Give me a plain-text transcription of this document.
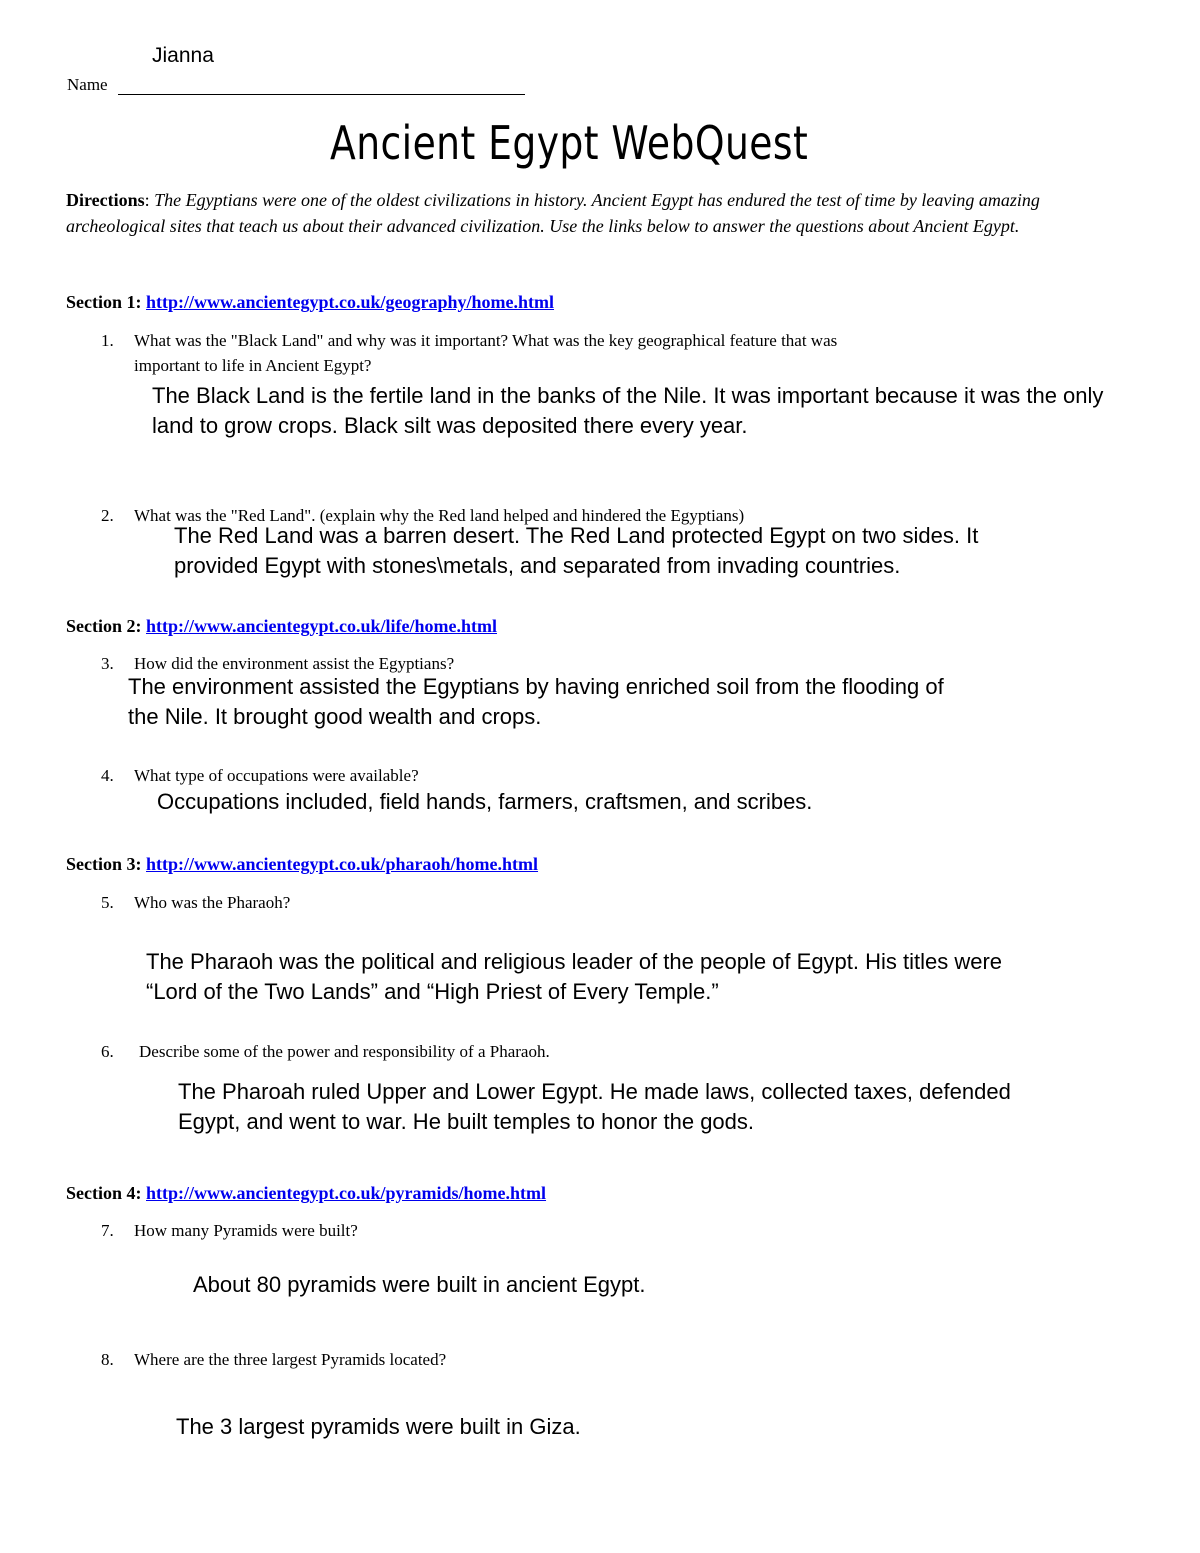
Jianna
Name
Ancient Egypt WebQuest
Directions: The Egyptians were one of the oldest civilizations in history. Ancient Egypt has endured the test of time by leaving amazing archeological sites that teach us about their advanced civilization. Use the links below to answer the questions about Ancient Egypt.
Section 1: http://www.ancientegypt.co.uk/geography/home.html
1. What was the "Black Land" and why was it important? What was the key geographical feature that was
important to life in Ancient Egypt?
The Black Land is the fertile land in the banks of the Nile. It was important because it was the only land to grow crops. Black silt was deposited there every year.
2. What was the "Red Land". (explain why the Red land helped and hindered the Egyptians)
The Red Land was a barren desert. The Red Land protected Egypt on two sides. It provided Egypt with stones\metals, and separated from invading countries.
Section 2: http://www.ancientegypt.co.uk/life/home.html
3. How did the environment assist the Egyptians?
The environment assisted the Egyptians by having enriched soil from the flooding of the Nile. It brought good wealth and crops.
4. What type of occupations were available?
Occupations included, field hands, farmers, craftsmen, and scribes.
Section 3: http://www.ancientegypt.co.uk/pharaoh/home.html
5. Who was the Pharaoh?
The Pharaoh was the political and religious leader of the people of Egypt. His titles were “Lord of the Two Lands” and “High Priest of Every Temple.”
6. Describe some of the power and responsibility of a Pharaoh.
The Pharoah ruled Upper and Lower Egypt. He made laws, collected taxes, defended Egypt, and went to war. He built temples to honor the gods.
Section 4: http://www.ancientegypt.co.uk/pyramids/home.html
7. How many Pyramids were built?
About 80 pyramids were built in ancient Egypt.
8. Where are the three largest Pyramids located?
The 3 largest pyramids were built in Giza.
